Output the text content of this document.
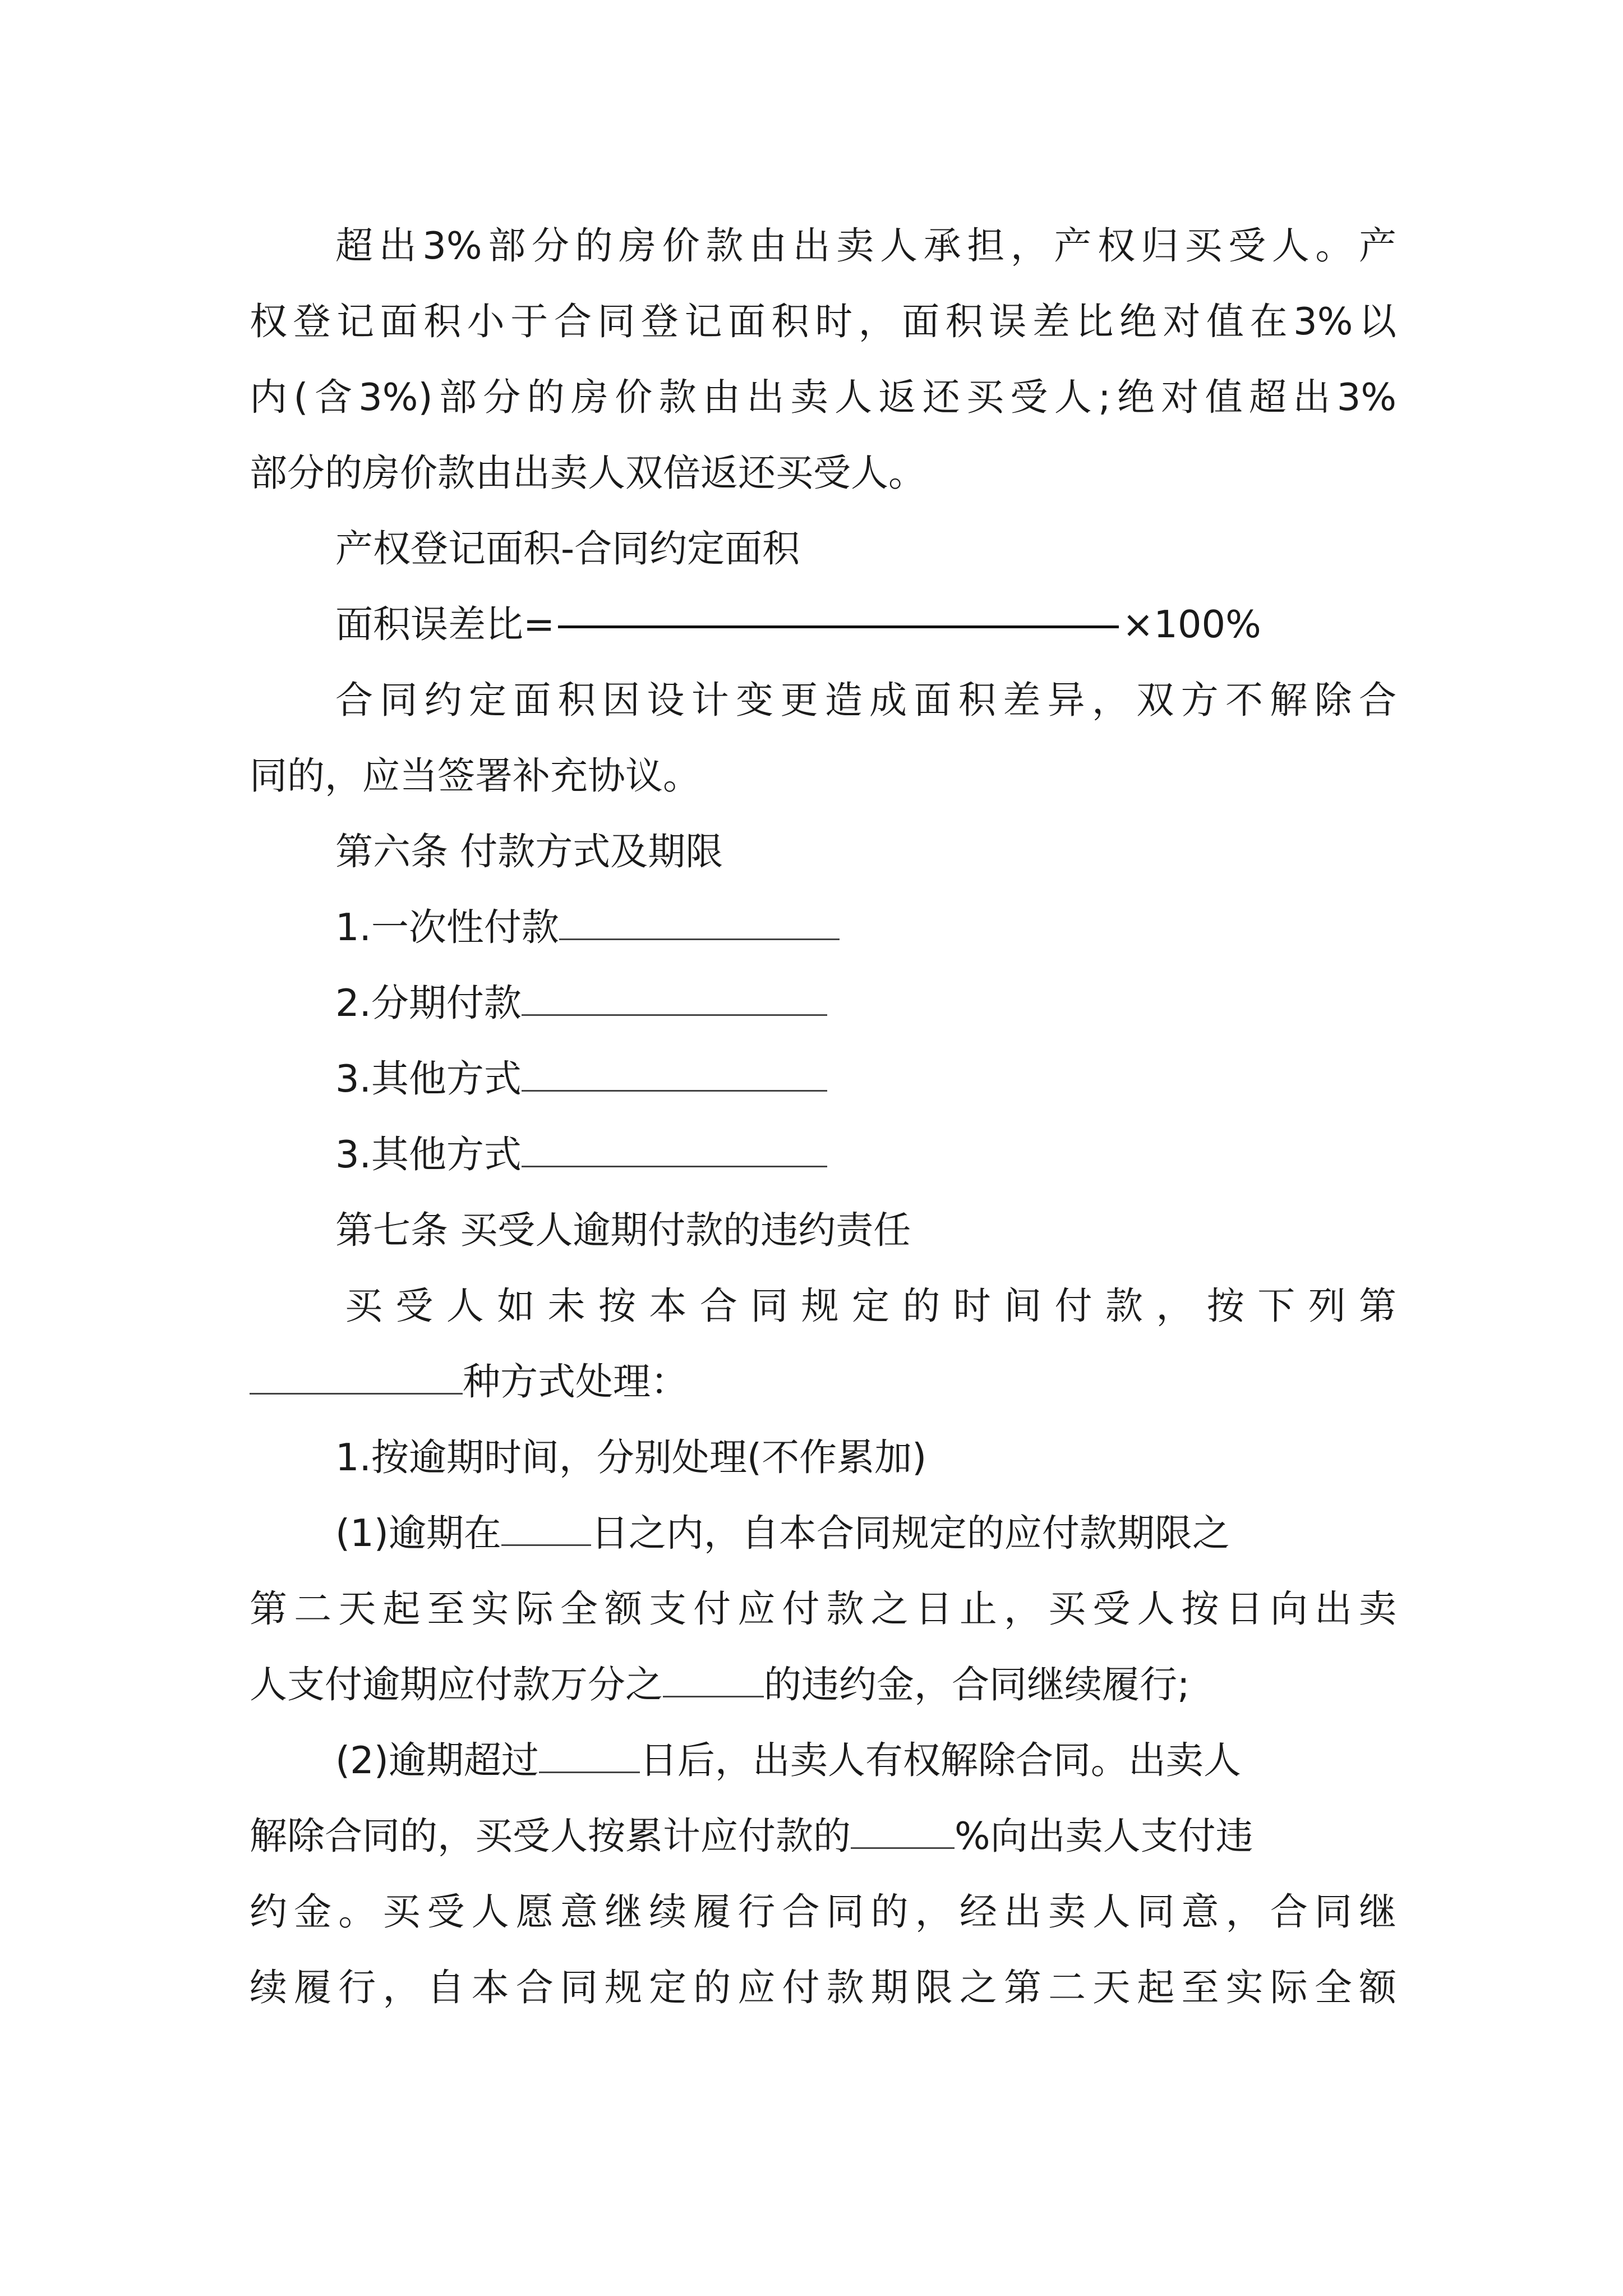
超出3%部分的房价款由出卖人承担，产权归买受人。产
权登记面积小于合同登记面积时，面积误差比绝对值在3%以
内(含3%)部分的房价款由出卖人返还买受人;绝对值超出3%
部分的房价款由出卖人双倍返还买受人。
产权登记面积-合同约定面积
面积误差比=	×100%
合同约定面积因设计变更造成面积差异，双方不解除合
同的，应当签署补充协议。
第六条 付款方式及期限
1.一次性付款
2.分期付款
3.其他方式
3.其他方式
第七条 买受人逾期付款的违约责任
买受人如未按本合同规定的时间付款，按下列第
种方式处理：
1.按逾期时间，分别处理(不作累加)
(1)逾期在 日之内，自本合同规定的应付款期限之
第二天起至实际全额支付应付款之日止，买受人按日向出卖
人支付逾期应付款万分之	的违约金，合同继续履行;
(2)逾期超过	日后，出卖人有权解除合同。出卖人
解除合同的，买受人按累计应付款的	%向出卖人支付违
约金。买受人愿意继续履行合同的，经出卖人同意，合同继
续履行，自本合同规定的应付款期限之第二天起至实际全额
